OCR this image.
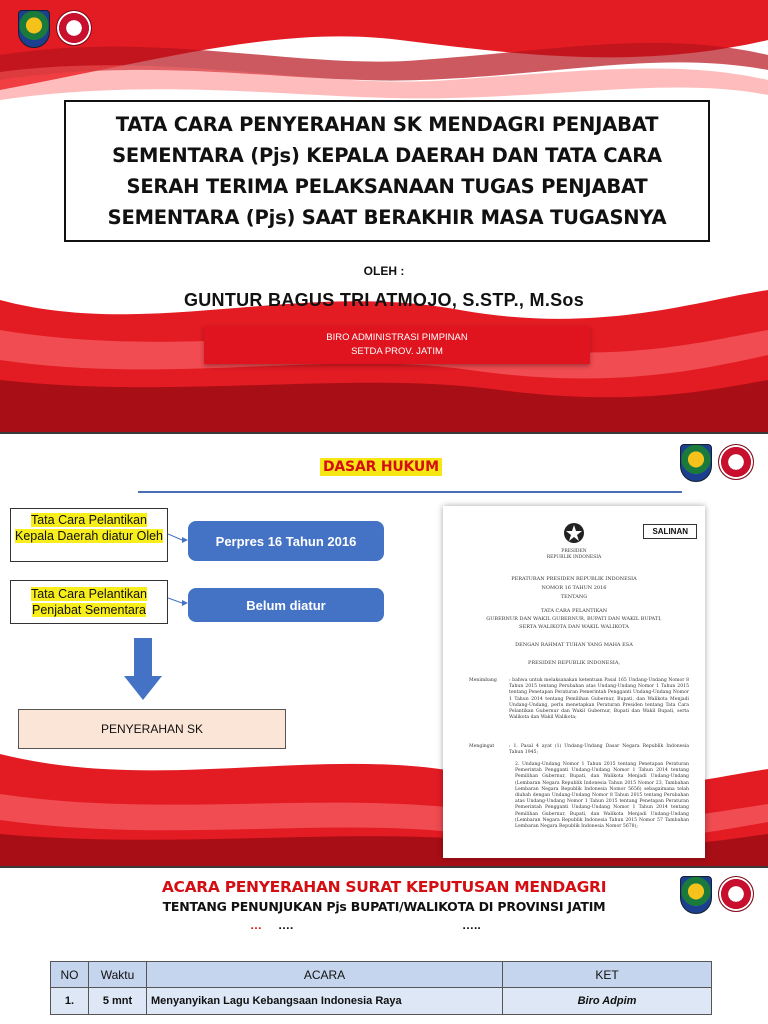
TATA CARA PENYERAHAN SK MENDAGRI PENJABAT SEMENTARA (Pjs) KEPALA DAERAH DAN TATA CARA SERAH TERIMA PELAKSANAAN TUGAS PENJABAT SEMENTARA (Pjs) SAAT BERAKHIR MASA TUGASNYA
OLEH :
GUNTUR BAGUS TRI ATMOJO, S.STP., M.Sos
BIRO ADMINISTRASI PIMPINAN
SETDA PROV. JATIM
DASAR HUKUM
Tata Cara Pelantikan Kepala Daerah diatur Oleh	Perpres 16 Tahun 2016
Tata Cara Pelantikan Penjabat Sementara	Belum diatur
PENYERAHAN SK
SALINAN
PRESIDEN
REPUBLIK INDONESIA
PERATURAN PRESIDEN REPUBLIK INDONESIA
NOMOR 16 TAHUN 2016
TENTANG
TATA CARA PELANTIKAN
GUBERNUR DAN WAKIL GUBERNUR, BUPATI DAN WAKIL BUPATI,
SERTA WALIKOTA DAN WAKIL WALIKOTA
DENGAN RAHMAT TUHAN YANG MAHA ESA
PRESIDEN REPUBLIK INDONESIA,
Menimbang	: bahwa untuk melaksanakan ketentuan Pasal 165 Undang-Undang Nomor 8 Tahun 2015 tentang Perubahan atas Undang-Undang Nomor 1 Tahun 2015 tentang Penetapan Peraturan Pemerintah Pengganti Undang-Undang Nomor 1 Tahun 2014 tentang Pemilihan Gubernur, Bupati, dan Walikota Menjadi Undang-Undang, perlu menetapkan Peraturan Presiden tentang Tata Cara Pelantikan Gubernur dan Wakil Gubernur, Bupati dan Wakil Bupati, serta Walikota dan Wakil Walikota;
Mengingat	: 1. Pasal 4 ayat (1) Undang-Undang Dasar Negara Republik Indonesia Tahun 1945;
2. Undang-Undang Nomor 1 Tahun 2015 tentang Penetapan Peraturan Pemerintah Pengganti Undang-Undang Nomor 1 Tahun 2014 tentang Pemilihan Gubernur, Bupati, dan Walikota Menjadi Undang-Undang (Lembaran Negara Republik Indonesia Tahun 2015 Nomor 23, Tambahan Lembaran Negara Republik Indonesia Nomor 5656) sebagaimana telah diubah dengan Undang-Undang Nomor 8 Tahun 2015 tentang Perubahan atas Undang-Undang Nomor 1 Tahun 2015 tentang Penetapan Peraturan Pemerintah Pengganti Undang-Undang Nomor 1 Tahun 2014 tentang Pemilihan Gubernur, Bupati, dan Walikota Menjadi Undang-Undang (Lembaran Negara Republik Indonesia Tahun 2015 Nomor 57 Tambahan Lembaran Negara Republik Indonesia Nomor 5678);
ACARA PENYERAHAN SURAT KEPUTUSAN MENDAGRI
TENTANG PENUNJUKAN Pjs BUPATI/WALIKOTA DI PROVINSI JATIM
… ….	…..
NO	Waktu	ACARA	KET
1.	5 mnt	Menyanyikan Lagu Kebangsaan Indonesia Raya	Biro Adpim
